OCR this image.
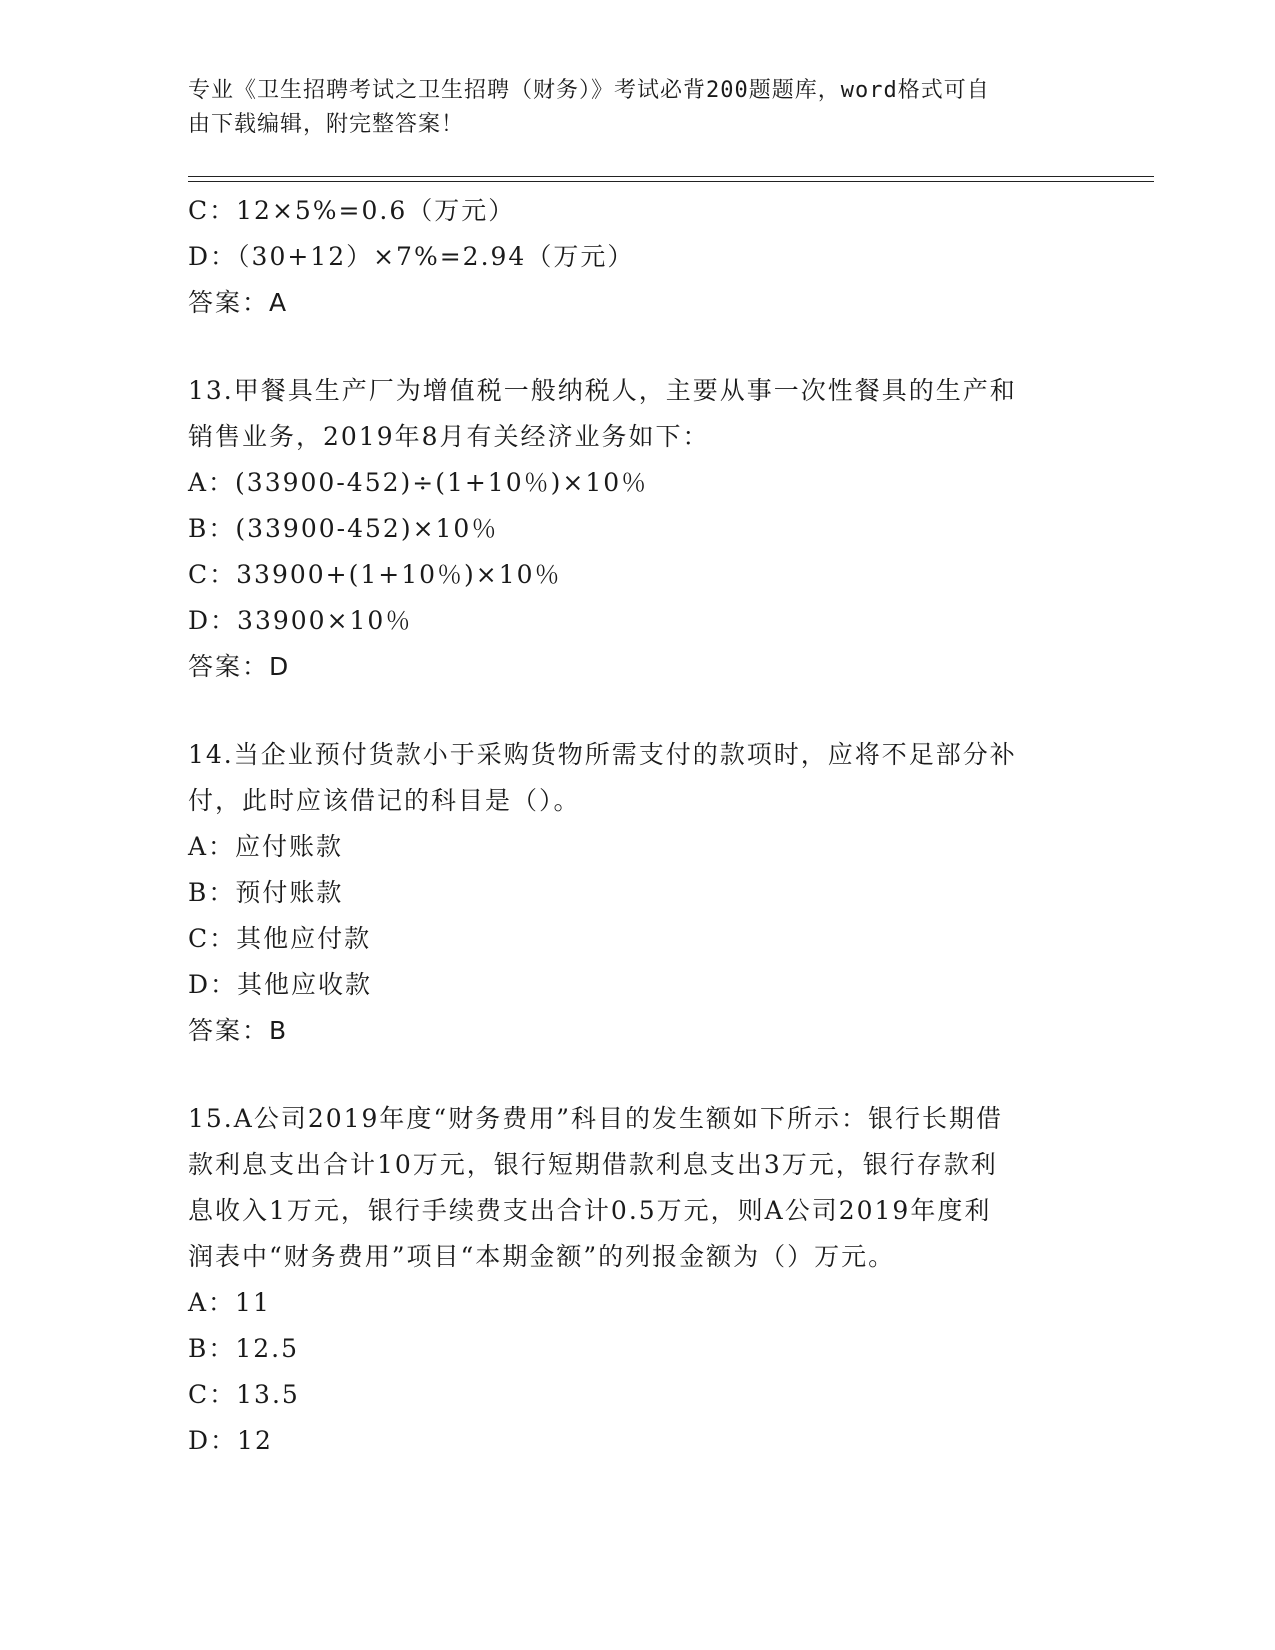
专业《卫生招聘考试之卫生招聘（财务）》考试必背200题题库，word格式可自
由下载编辑，附完整答案！
C：12×5%=0.6（万元）
D：（30+12）×7%=2.94（万元）
答案：A
13.甲餐具生产厂为增值税一般纳税人，主要从事一次性餐具的生产和
销售业务，2019年8月有关经济业务如下：
A：(33900-452)÷(1+10％)×10％
B：(33900-452)×10％
C：33900+(1+10％)×10％
D：33900×10％
答案：D
14.当企业预付货款小于采购货物所需支付的款项时，应将不足部分补
付，此时应该借记的科目是（）。
A：应付账款
B：预付账款
C：其他应付款
D：其他应收款
答案：B
15.A公司2019年度“财务费用”科目的发生额如下所示：银行长期借
款利息支出合计10万元，银行短期借款利息支出3万元，银行存款利
息收入1万元，银行手续费支出合计0.5万元，则A公司2019年度利
润表中“财务费用”项目“本期金额”的列报金额为（）万元。
A：11
B：12.5
C：13.5
D：12
